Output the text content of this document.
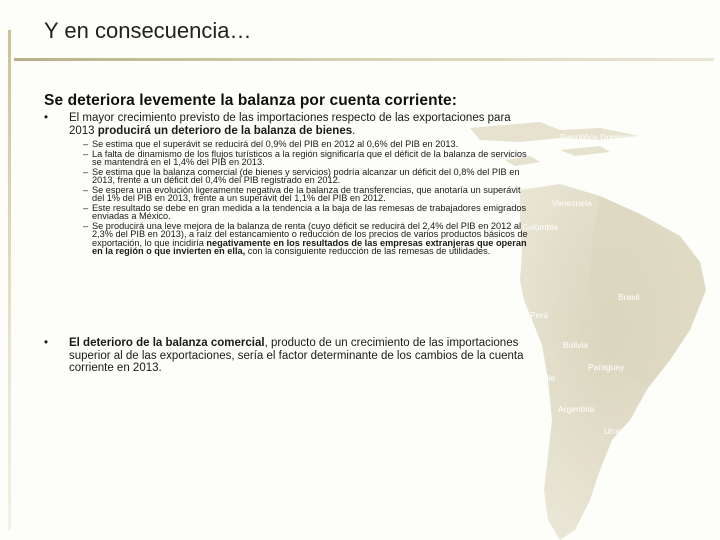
República Dominicana
Puerto Rico
Venezuela
Colombia
Brasil
Perú
Bolivia
Paraguay
Chile
Argentina
Uruguay
Y en consecuencia…
Se deteriora levemente la balanza por cuenta corriente:
•	El mayor crecimiento previsto de las importaciones respecto de las exportaciones para 2013 producirá un deterioro de la balanza de bienes.
– Se estima que el superávit se reducirá del 0,9% del PIB en 2012 al 0,6% del PIB en 2013.
– La falta de dinamismo de los flujos turísticos a la región significaría que el déficit de la balanza de servicios se mantendrá en el 1,4% del PIB en 2013.
– Se estima que la balanza comercial (de bienes y servicios) podría alcanzar un déficit del 0,8% del PIB en 2013, frente a un déficit del 0,4% del PIB registrado en 2012.
– Se espera una evolución ligeramente negativa de la balanza de transferencias, que anotaría un superávit del 1% del PIB en 2013, frente a un superávit del 1,1% del PIB en 2012.
– Este resultado se debe en gran medida a la tendencia a la baja de las remesas de trabajadores emigrados enviadas a México.
– Se producirá una leve mejora de la balanza de renta (cuyo déficit se reducirá del 2,4% del PIB en 2012 al 2,3% del PIB en 2013), a raíz del estancamiento o reducción de los precios de varios productos básicos de exportación, lo que incidiría negativamente en los resultados de las empresas extranjeras que operan en la región o que invierten en ella, con la consiguiente reducción de las remesas de utilidades.
•	El deterioro de la balanza comercial, producto de un crecimiento de las importaciones superior al de las exportaciones, sería el factor determinante de los cambios de la cuenta corriente en 2013.
